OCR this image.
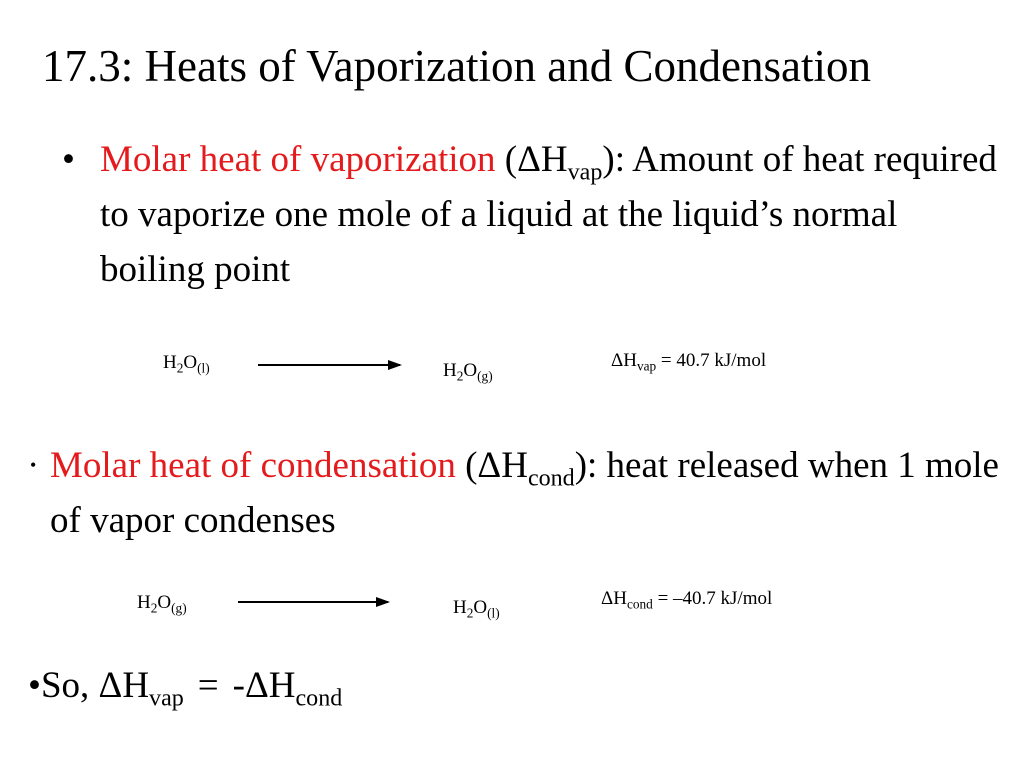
17.3: Heats of Vaporization and Condensation
• Molar heat of vaporization $(\Delta H_{vap})$: Amount of heat required to vaporize one mole of a liquid at the liquid’s normal boiling point
$H_2O_{(l)}$	$H_2O_{(g)}$
$\Delta H_{vap} = 40.7$ kJ/mol
• Molar heat of condensation $(\Delta H_{cond})$: heat released when 1 mole of vapor condenses
$H_2O_{(g)}$	$H_2O_{(l)}$
$\Delta H_{cond} = -40.7$ kJ/mol
•So, $\Delta H_{vap} = -\Delta H_{cond}$
